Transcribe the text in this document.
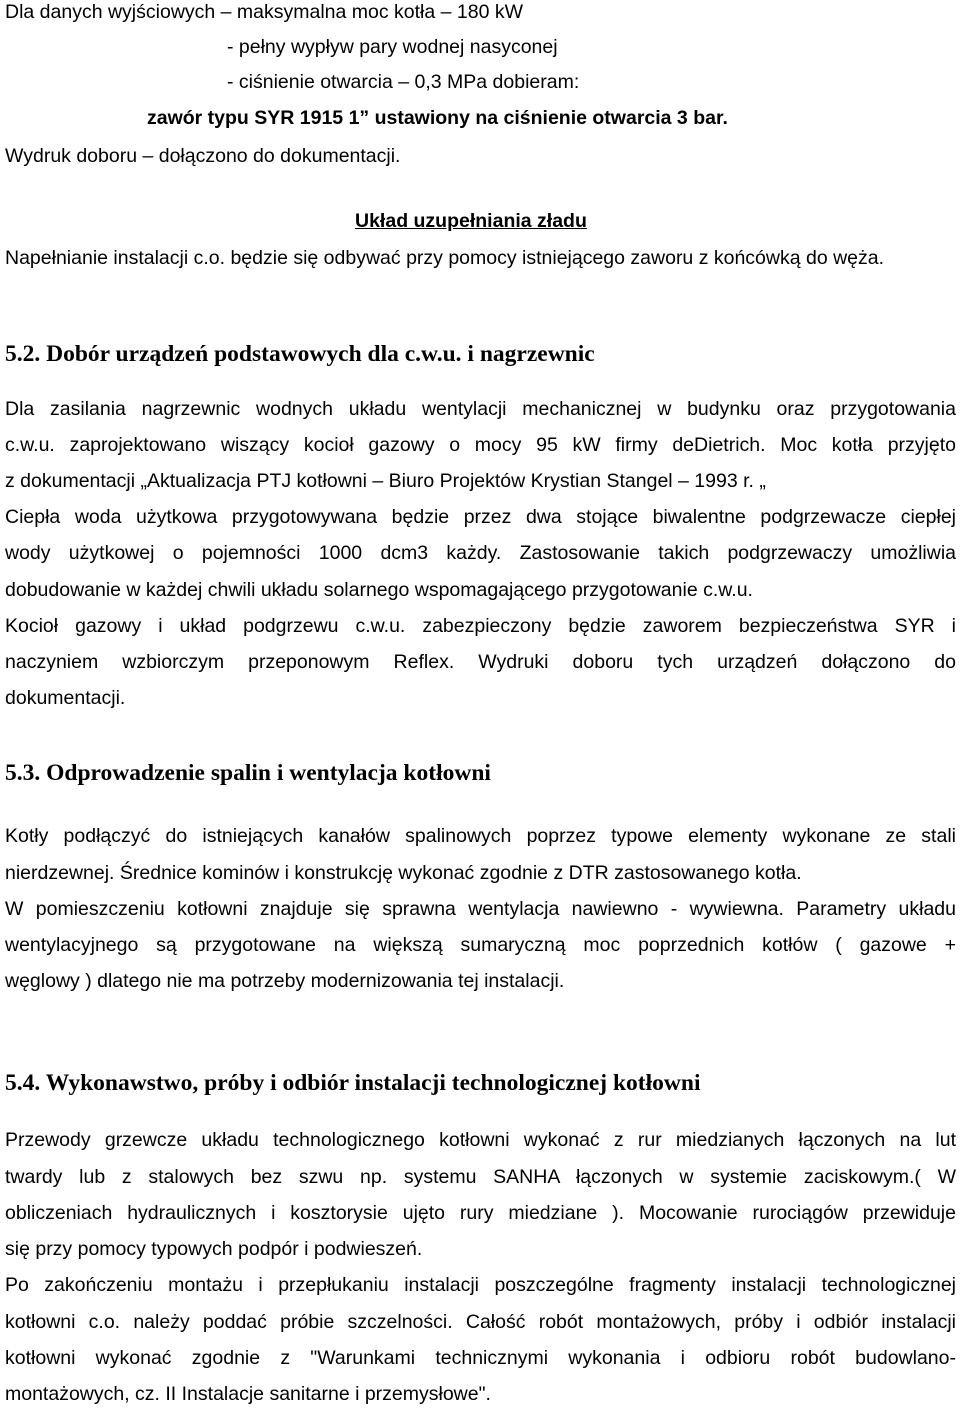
Dla danych wyjściowych – maksymalna moc kotła – 180 kW
- pełny wypływ pary wodnej nasyconej
- ciśnienie otwarcia – 0,3 MPa dobieram:
zawór typu SYR 1915 1” ustawiony na ciśnienie otwarcia 3 bar.
Wydruk doboru – dołączono do dokumentacji.
Układ uzupełniania zładu
Napełnianie instalacji c.o. będzie się odbywać przy pomocy istniejącego zaworu z końcówką do węża.
5.2. Dobór urządzeń podstawowych dla c.w.u. i nagrzewnic
Dla zasilania nagrzewnic wodnych układu wentylacji mechanicznej w budynku oraz przygotowania
c.w.u. zaprojektowano wiszący kocioł gazowy o mocy 95 kW firmy deDietrich. Moc kotła przyjęto
z dokumentacji „Aktualizacja PTJ kotłowni – Biuro Projektów Krystian Stangel – 1993 r. „
Ciepła woda użytkowa przygotowywana będzie przez dwa stojące biwalentne podgrzewacze ciepłej
wody użytkowej o pojemności 1000 dcm3 każdy. Zastosowanie takich podgrzewaczy umożliwia
dobudowanie w każdej chwili układu solarnego wspomagającego przygotowanie c.w.u.
Kocioł gazowy i układ podgrzewu c.w.u. zabezpieczony będzie zaworem bezpieczeństwa SYR i
naczyniem wzbiorczym przeponowym Reflex. Wydruki doboru tych urządzeń dołączono do
dokumentacji.
5.3. Odprowadzenie spalin i wentylacja kotłowni
Kotły podłączyć do istniejących kanałów spalinowych poprzez typowe elementy wykonane ze stali
nierdzewnej. Średnice kominów i konstrukcję wykonać zgodnie z DTR zastosowanego kotła.
W pomieszczeniu kotłowni znajduje się sprawna wentylacja nawiewno - wywiewna. Parametry układu
wentylacyjnego są przygotowane na większą sumaryczną moc poprzednich kotłów ( gazowe +
węglowy ) dlatego nie ma potrzeby modernizowania tej instalacji.
5.4. Wykonawstwo, próby i odbiór instalacji technologicznej kotłowni
Przewody grzewcze układu technologicznego kotłowni wykonać z rur miedzianych łączonych na lut
twardy lub z stalowych bez szwu np. systemu SANHA łączonych w systemie zaciskowym.( W
obliczeniach hydraulicznych i kosztorysie ujęto rury miedziane ). Mocowanie rurociągów przewiduje
się przy pomocy typowych podpór i podwieszeń.
Po zakończeniu montażu i przepłukaniu instalacji poszczególne fragmenty instalacji technologicznej
kotłowni c.o. należy poddać próbie szczelności. Całość robót montażowych, próby i odbiór instalacji
kotłowni wykonać zgodnie z "Warunkami technicznymi wykonania i odbioru robót budowlano-
montażowych, cz. II Instalacje sanitarne i przemysłowe".
